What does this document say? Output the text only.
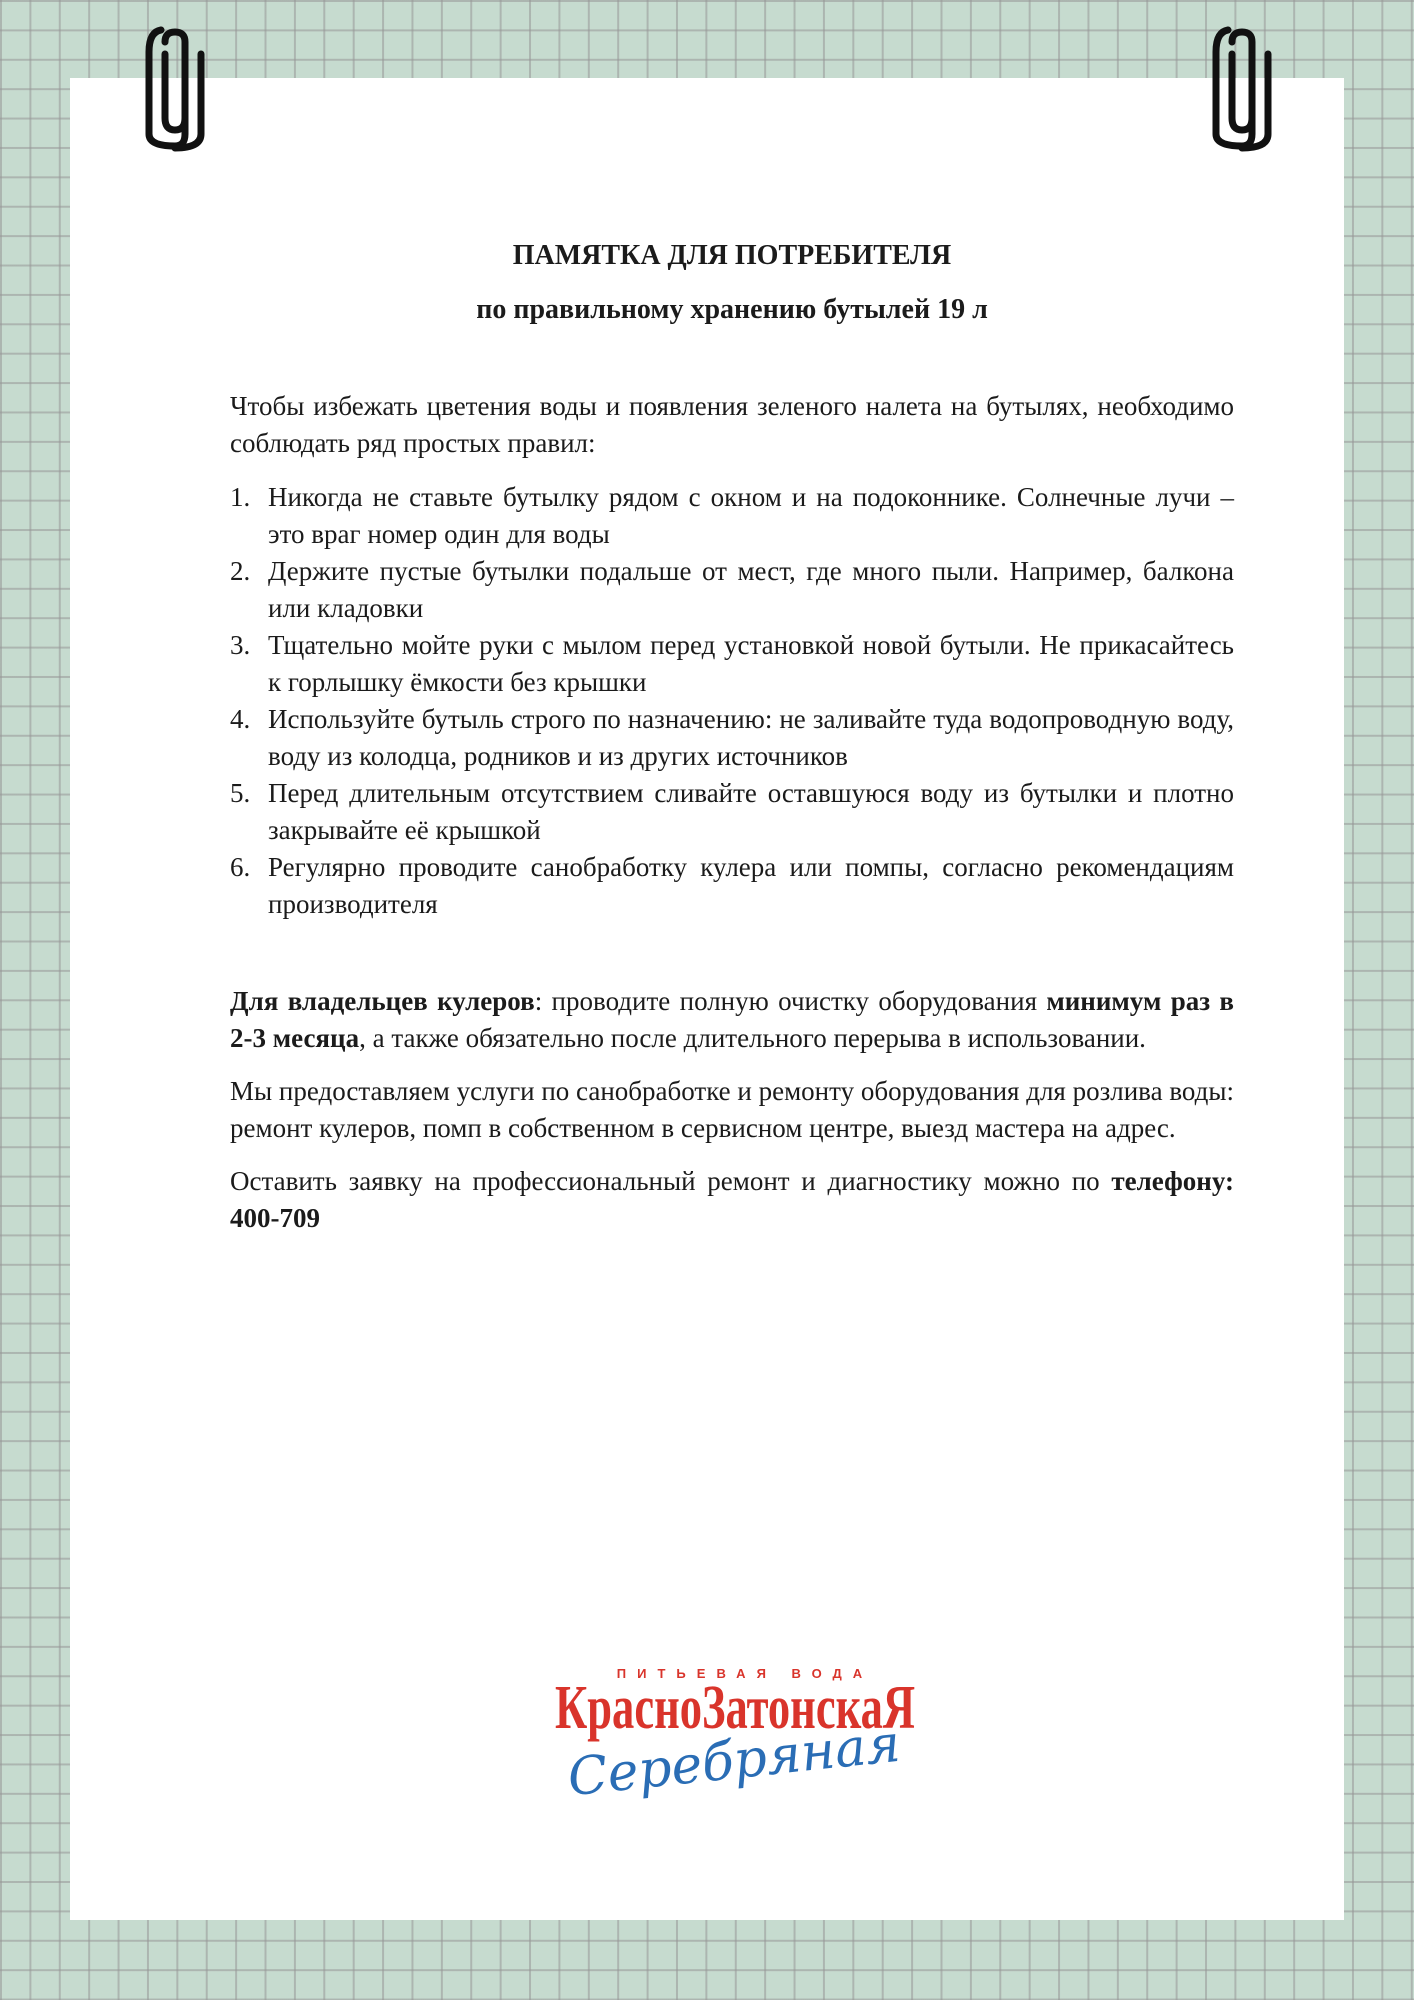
ПАМЯТКА ДЛЯ ПОТРЕБИТЕЛЯ
по правильному хранению бутылей 19 л

Чтобы избежать цветения воды и появления зеленого налета на бутылях, необходимо соблюдать ряд простых правил:

1. Никогда не ставьте бутылку рядом с окном и на подоконнике. Солнечные лучи – это враг номер один для воды
2. Держите пустые бутылки подальше от мест, где много пыли. Например, балкона или кладовки
3. Тщательно мойте руки с мылом перед установкой новой бутыли. Не прикасайтесь к горлышку ёмкости без крышки
4. Используйте бутыль строго по назначению: не заливайте туда водопроводную воду, воду из колодца, родников и из других источников
5. Перед длительным отсутствием сливайте оставшуюся воду из бутылки и плотно закрывайте её крышкой
6. Регулярно проводите санобработку кулера или помпы, согласно рекомендациям производителя

Для владельцев кулеров: проводите полную очистку оборудования минимум раз в 2-3 месяца, а также обязательно после длительного перерыва в использовании.

Мы предоставляем услуги по санобработке и ремонту оборудования для розлива воды: ремонт кулеров, помп в собственном в сервисном центре, выезд мастера на адрес.

Оставить заявку на профессиональный ремонт и диагностику можно по телефону: 400-709

ПИТЬЕВАЯ ВОДА
КрасноЗатонскаЯ
Серебряная
